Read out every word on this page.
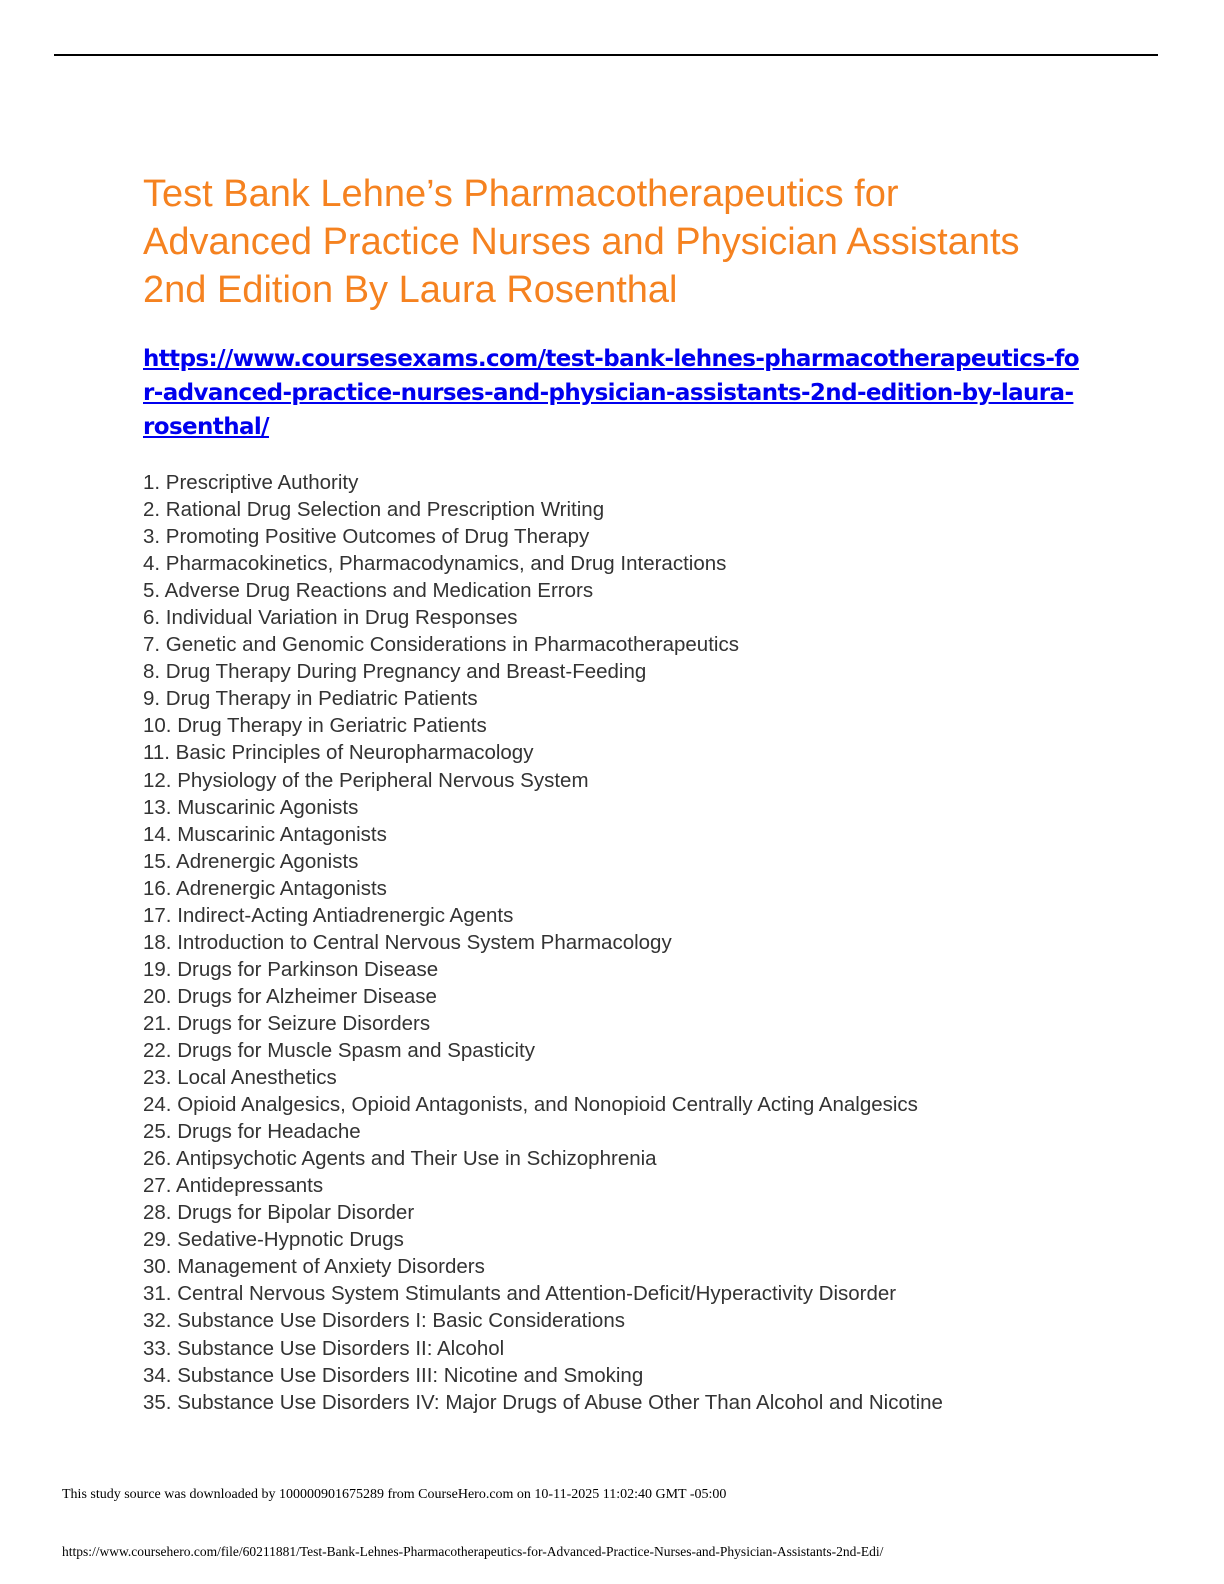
Test Bank Lehne’s Pharmacotherapeutics for Advanced Practice Nurses and Physician Assistants 2nd Edition By Laura Rosenthal
https://www.coursesexams.com/test-bank-lehnes-pharmacotherapeutics-for-advanced-practice-nurses-and-physician-assistants-2nd-edition-by-laura-rosenthal/
1. Prescriptive Authority
2. Rational Drug Selection and Prescription Writing
3. Promoting Positive Outcomes of Drug Therapy
4. Pharmacokinetics, Pharmacodynamics, and Drug Interactions
5. Adverse Drug Reactions and Medication Errors
6. Individual Variation in Drug Responses
7. Genetic and Genomic Considerations in Pharmacotherapeutics
8. Drug Therapy During Pregnancy and Breast-Feeding
9. Drug Therapy in Pediatric Patients
10. Drug Therapy in Geriatric Patients
11. Basic Principles of Neuropharmacology
12. Physiology of the Peripheral Nervous System
13. Muscarinic Agonists
14. Muscarinic Antagonists
15. Adrenergic Agonists
16. Adrenergic Antagonists
17. Indirect-Acting Antiadrenergic Agents
18. Introduction to Central Nervous System Pharmacology
19. Drugs for Parkinson Disease
20. Drugs for Alzheimer Disease
21. Drugs for Seizure Disorders
22. Drugs for Muscle Spasm and Spasticity
23. Local Anesthetics
24. Opioid Analgesics, Opioid Antagonists, and Nonopioid Centrally Acting Analgesics
25. Drugs for Headache
26. Antipsychotic Agents and Their Use in Schizophrenia
27. Antidepressants
28. Drugs for Bipolar Disorder
29. Sedative-Hypnotic Drugs
30. Management of Anxiety Disorders
31. Central Nervous System Stimulants and Attention-Deficit/Hyperactivity Disorder
32. Substance Use Disorders I: Basic Considerations
33. Substance Use Disorders II: Alcohol
34. Substance Use Disorders III: Nicotine and Smoking
35. Substance Use Disorders IV: Major Drugs of Abuse Other Than Alcohol and Nicotine
This study source was downloaded by 100000901675289 from CourseHero.com on 10-11-2025 11:02:40 GMT -05:00
https://www.coursehero.com/file/60211881/Test-Bank-Lehnes-Pharmacotherapeutics-for-Advanced-Practice-Nurses-and-Physician-Assistants-2nd-Edi/
